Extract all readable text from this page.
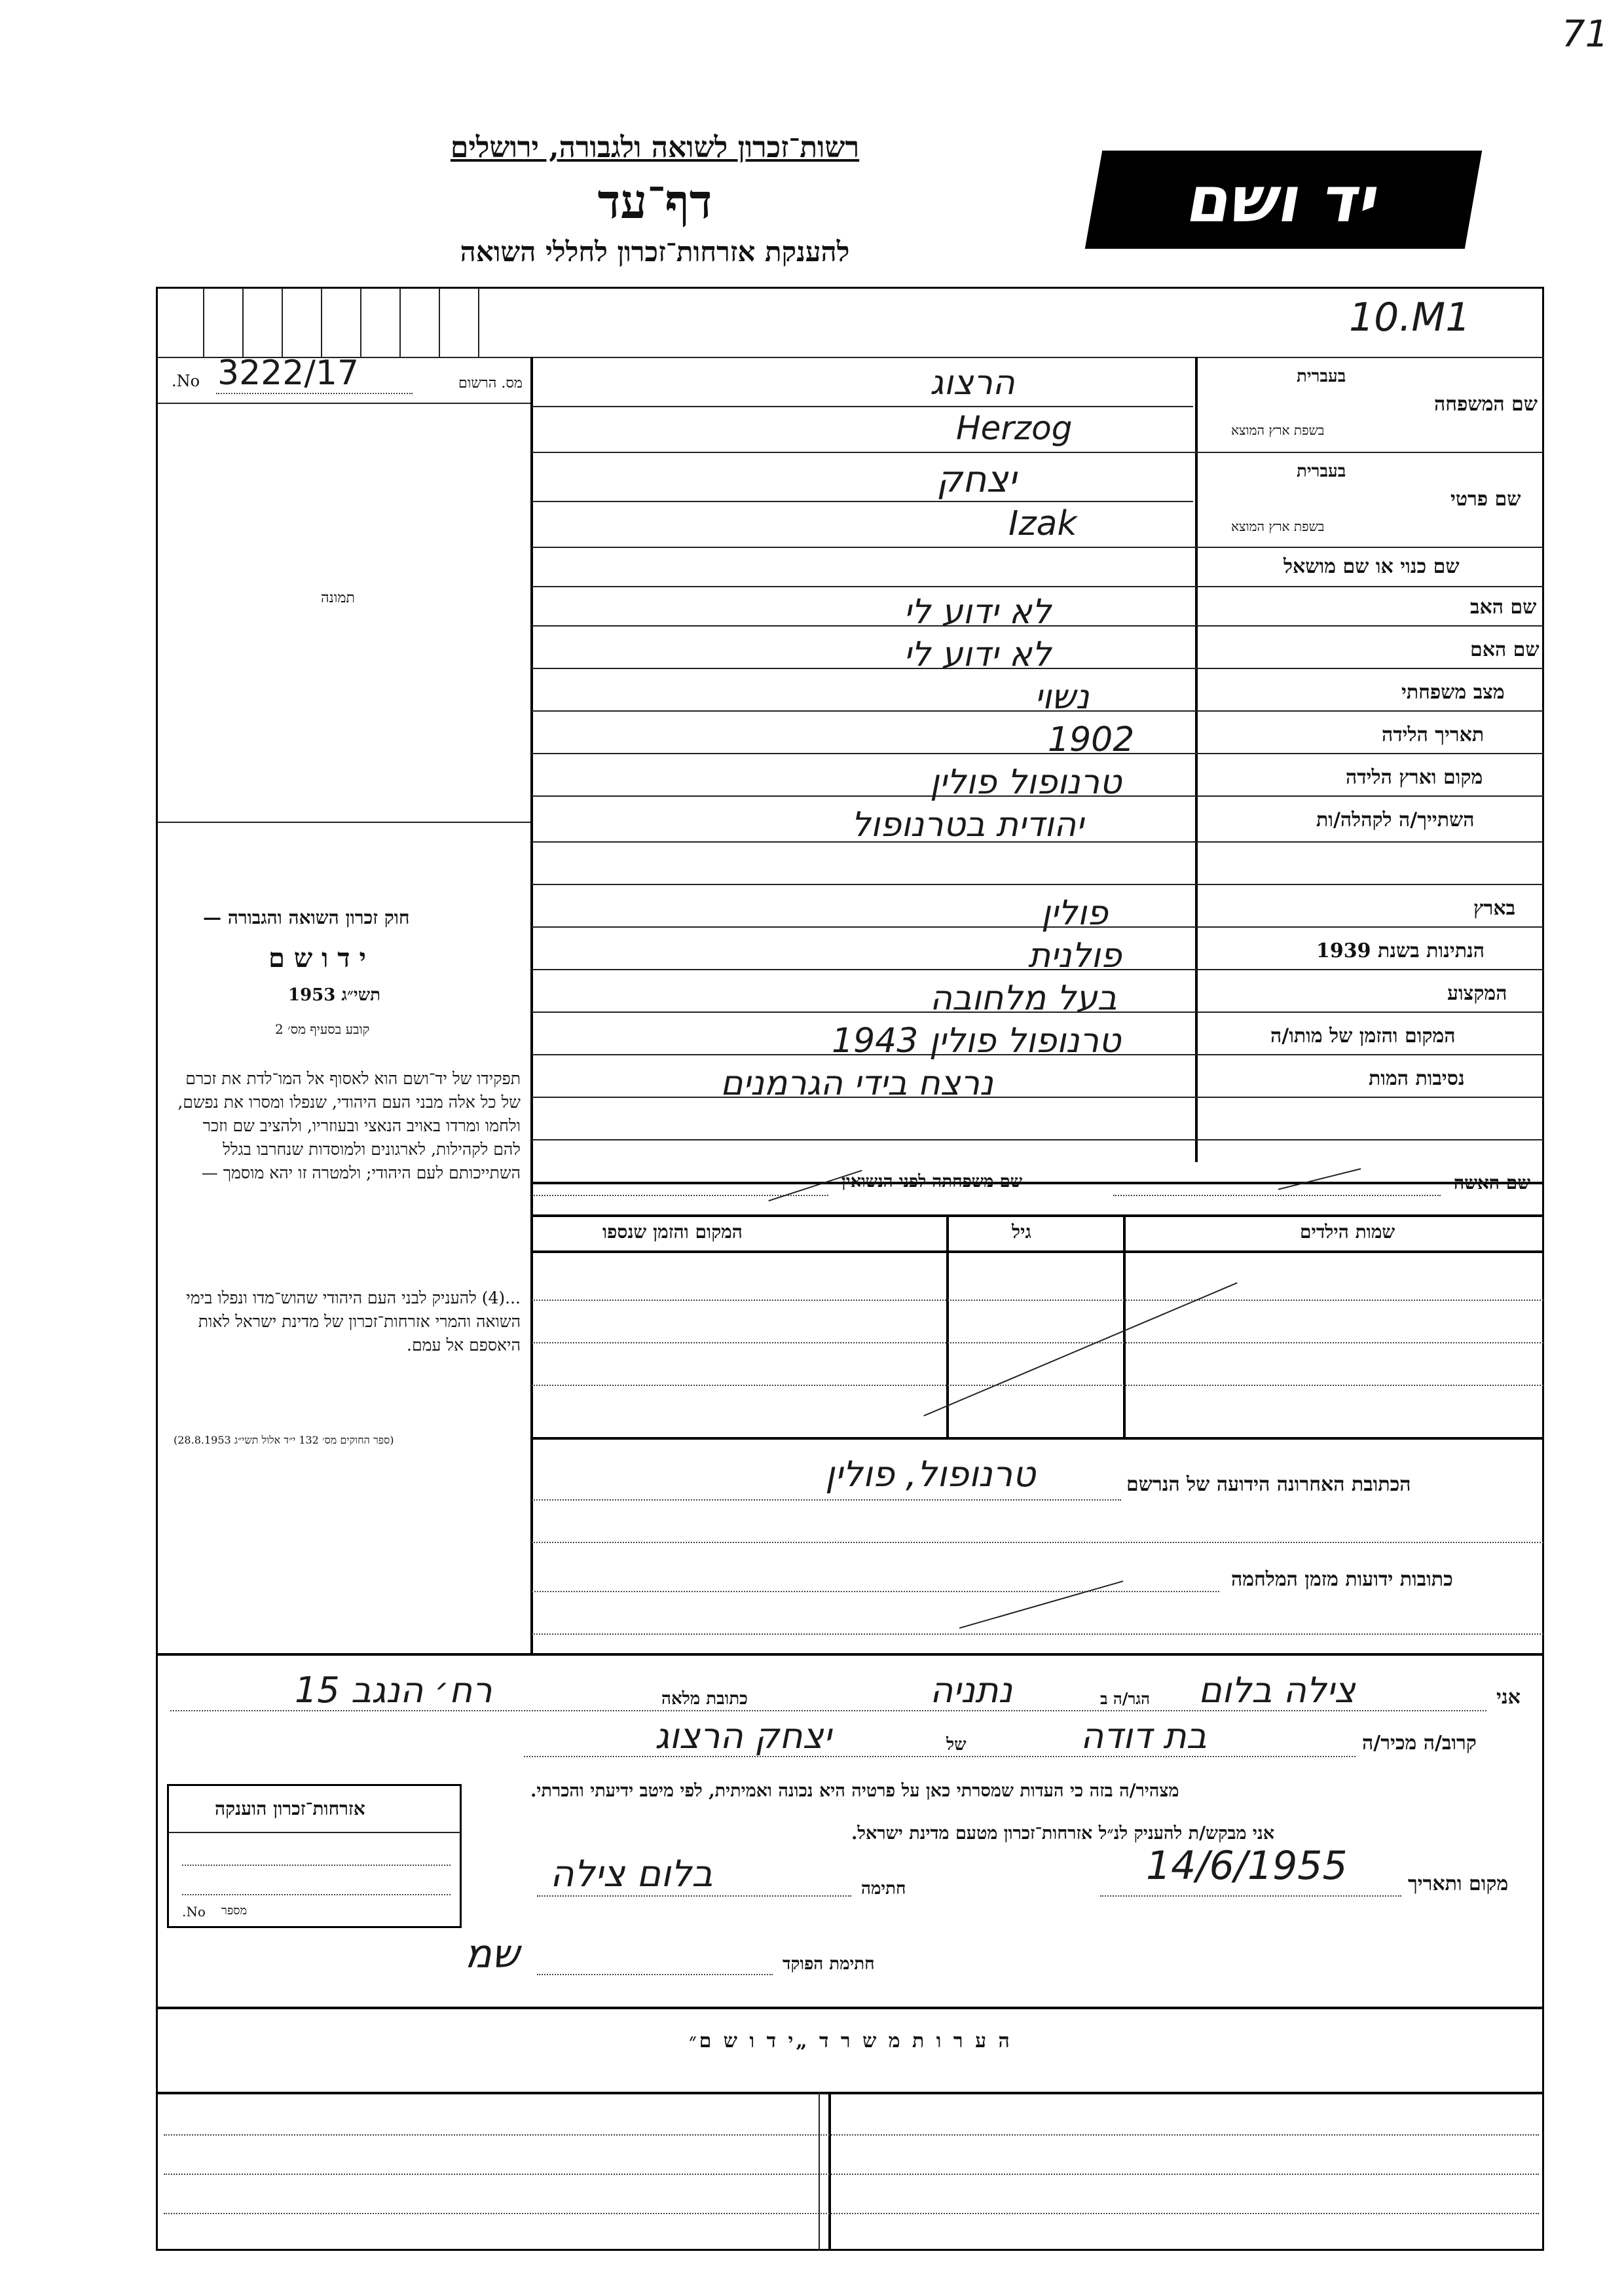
71
רשות־זכרון לשואה ולגבורה, ירושלים
דף־עד
להענקת אזרחות־זכרון לחללי השואה
יד ושם
10.M1
No. 3222/17	מס. הרשום
תמונה
בעברית
שם המשפחה
בשפת ארץ המוצא
בעברית
שם פרטי
בשפת ארץ המוצא
שם כנוי או שם מושאל
שם האב
שם האם
מצב משפחתי
תאריך הלידה
מקום וארץ הלידה
השתייך/ה לקהלה/ות
בארץ
הנתינות בשנת 1939
המקצוע
המקום והזמן של מותו/ה
נסיבות המות
הרצוג
Herzog
יצחק
Izak
לא ידוע לי
לא ידוע לי
נשוי
1902
טרנופול פולין
יהודית בטרנופול
פולין
פולנית
בעל מלחובה
טרנופול פולין 1943
נרצח בידי הגרמנים
חוק זכרון השואה והגבורה —
י ד ו ש ם
תשי״ג 1953
קובע בסעיף מס׳ 2
תפקידו של יד־ושם הוא לאסוף אל המו־לדת את זכרם של כל אלה מבני העם היהודי, שנפלו ומסרו את נפשם, ולחמו ומרדו באויב הנאצי ובעוזריו, ולהציב שם וזכר להם לקהילות, לארגונים ולמוסדות שנחרבו בגלל השתייכותם לעם היהודי; ולמטרה זו יהא מוסמך —
...(4) להעניק לבני העם היהודי שהוש־מדו ונפלו בימי השואה והמרי אזרחות־זכרון של מדינת ישראל לאות היאספם אל עמם.
(ספר החוקים מס׳ 132 י״ד אלול תשי״ג 28.8.1953)
שם האשה
שם משפחתה לפני הנשואין
שמות הילדים
גיל
המקום והזמן שנספו
הכתובת האחרונה הידועה של הנרשם
טרנופול, פולין
כתובות ידועות מזמן המלחמה
אני
צילה בלום
הגר/ה ב
נתניה
כתובת מלאה
רח׳ הנגב 15
קרוב/ה מכיר/ה
בת דודה
של
יצחק הרצוג
מצהיר/ה בזה כי העדות שמסרתי כאן על פרטיה היא נכונה ואמיתית, לפי מיטב ידיעתי והכרתי.
אני מבקש/ת להעניק לנ״ל אזרחות־זכרון מטעם מדינת ישראל.
מקום ותאריך
14/6/1955
חתימה
בלום צילה
שמ	חתימת הפוקד
אזרחות־זכרון הוענקה
No. מספר
ה ע ר ו ת מ ש ר ד „י ד ו ש ם״
